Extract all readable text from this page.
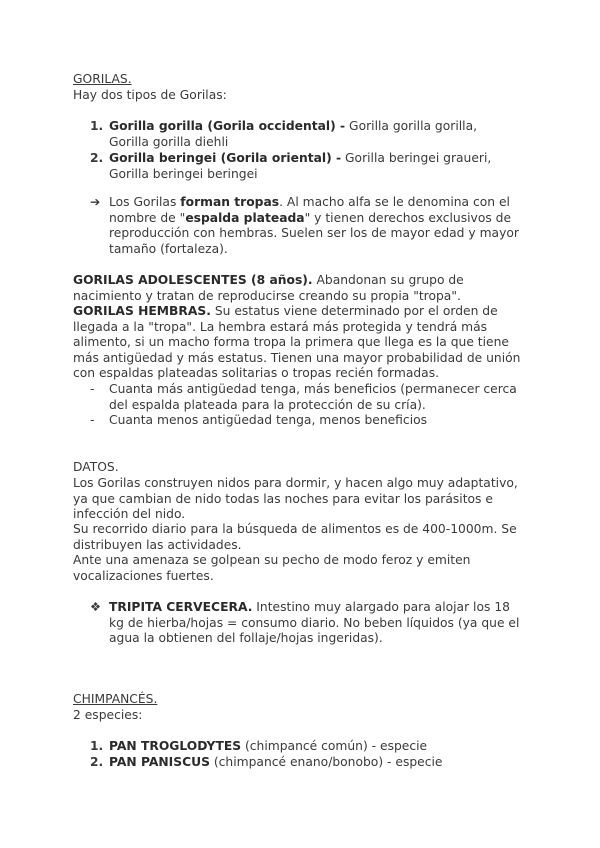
GORILAS.
Hay dos tipos de Gorilas:
1. Gorilla gorilla (Gorila occidental) - Gorilla gorilla gorilla, Gorilla gorilla diehli
2. Gorilla beringei (Gorila oriental) - Gorilla beringei graueri, Gorilla beringei beringei
➔ Los Gorilas forman tropas. Al macho alfa se le denomina con el nombre de "espalda plateada" y tienen derechos exclusivos de reproducción con hembras. Suelen ser los de mayor edad y mayor tamaño (fortaleza).
GORILAS ADOLESCENTES (8 años). Abandonan su grupo de nacimiento y tratan de reproducirse creando su propia "tropa".
GORILAS HEMBRAS. Su estatus viene determinado por el orden de llegada a la "tropa". La hembra estará más protegida y tendrá más alimento, si un macho forma tropa la primera que llega es la que tiene más antigüedad y más estatus. Tienen una mayor probabilidad de unión con espaldas plateadas solitarias o tropas recién formadas.
- Cuanta más antigüedad tenga, más beneficios (permanecer cerca del espalda plateada para la protección de su cría).
- Cuanta menos antigüedad tenga, menos beneficios
DATOS.
Los Gorilas construyen nidos para dormir, y hacen algo muy adaptativo, ya que cambian de nido todas las noches para evitar los parásitos e infección del nido.
Su recorrido diario para la búsqueda de alimentos es de 400-1000m. Se distribuyen las actividades.
Ante una amenaza se golpean su pecho de modo feroz y emiten vocalizaciones fuertes.
❖ TRIPITA CERVECERA. Intestino muy alargado para alojar los 18 kg de hierba/hojas = consumo diario. No beben líquidos (ya que el agua la obtienen del follaje/hojas ingeridas).
CHIMPANCÉS.
2 especies:
1. PAN TROGLODYTES (chimpancé común) - especie
2. PAN PANISCUS (chimpancé enano/bonobo) - especie
